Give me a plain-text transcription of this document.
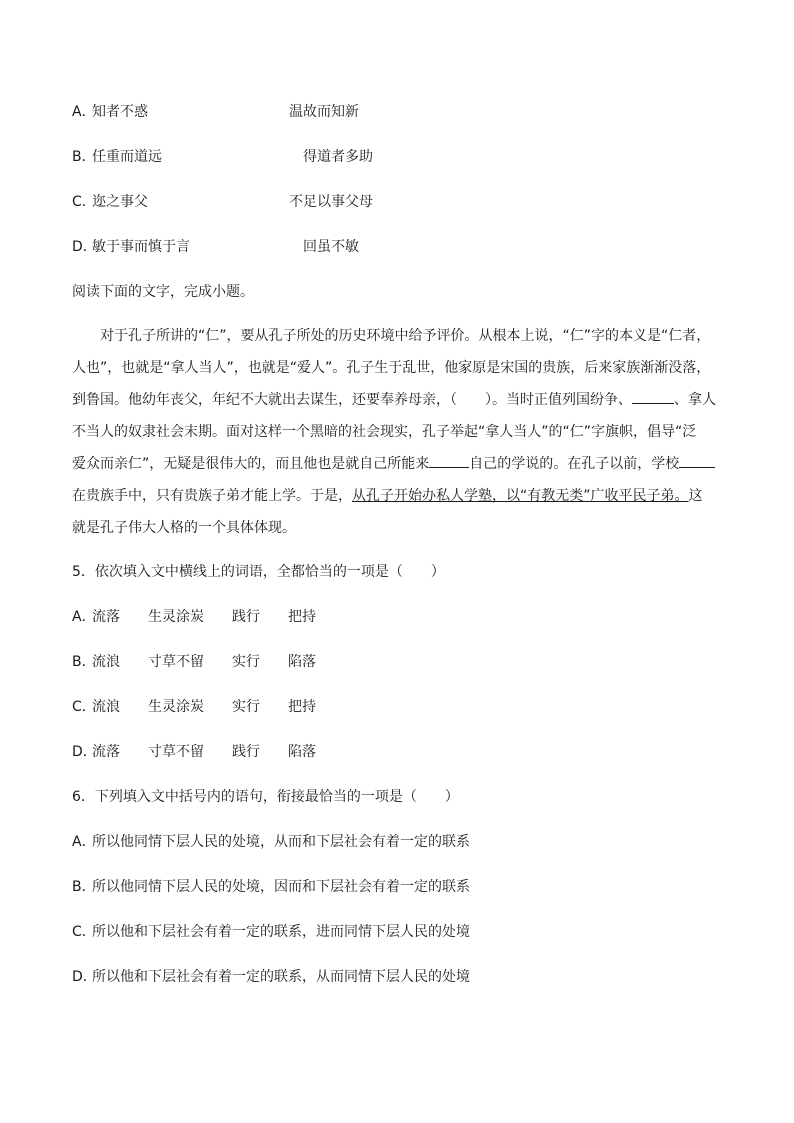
A．
知者不惑	温故而知新
B．
任重而道远	得道者多助
C．
迩之事父	不足以事父母
D．
敏于事而慎于言	回虽不敏
阅读下面的文字，完成小题。
对于孔子所讲的“仁”，要从孔子所处的历史环境中给予评价。从根本上说，“仁”字的本义是“仁者，
人也”，也就是“拿人当人”，也就是“爱人”。孔子生于乱世，他家原是宋国的贵族，后来家族渐渐没落，
到鲁国。他幼年丧父，年纪不大就出去谋生，还要奉养母亲，（　　）。当时正值列国纷争、	、拿人
不当人的奴隶社会末期。面对这样一个黑暗的社会现实，孔子举起“拿人当人”的“仁”字旗帜，倡导“泛
爱众而亲仁”，无疑是很伟大的，而且他也是就自己所能来	自己的学说的。在孔子以前，学校
在贵族手中，只有贵族子弟才能上学。于是，从孔子开始办私人学塾，以“有教无类”广收平民子弟。这
就是孔子伟大人格的一个具体体现。
5．依次填入文中横线上的词语，全都恰当的一项是（　　）
A．
流落 生灵涂炭 践行 把持
B．
流浪 寸草不留 实行 陷落
C．
流浪 生灵涂炭 实行 把持
D．
流落 寸草不留 践行 陷落
6．下列填入文中括号内的语句，衔接最恰当的一项是（　　）
A．
所以他同情下层人民的处境，从而和下层社会有着一定的联系
B．
所以他同情下层人民的处境，因而和下层社会有着一定的联系
C．
所以他和下层社会有着一定的联系，进而同情下层人民的处境
D．
所以他和下层社会有着一定的联系，从而同情下层人民的处境
